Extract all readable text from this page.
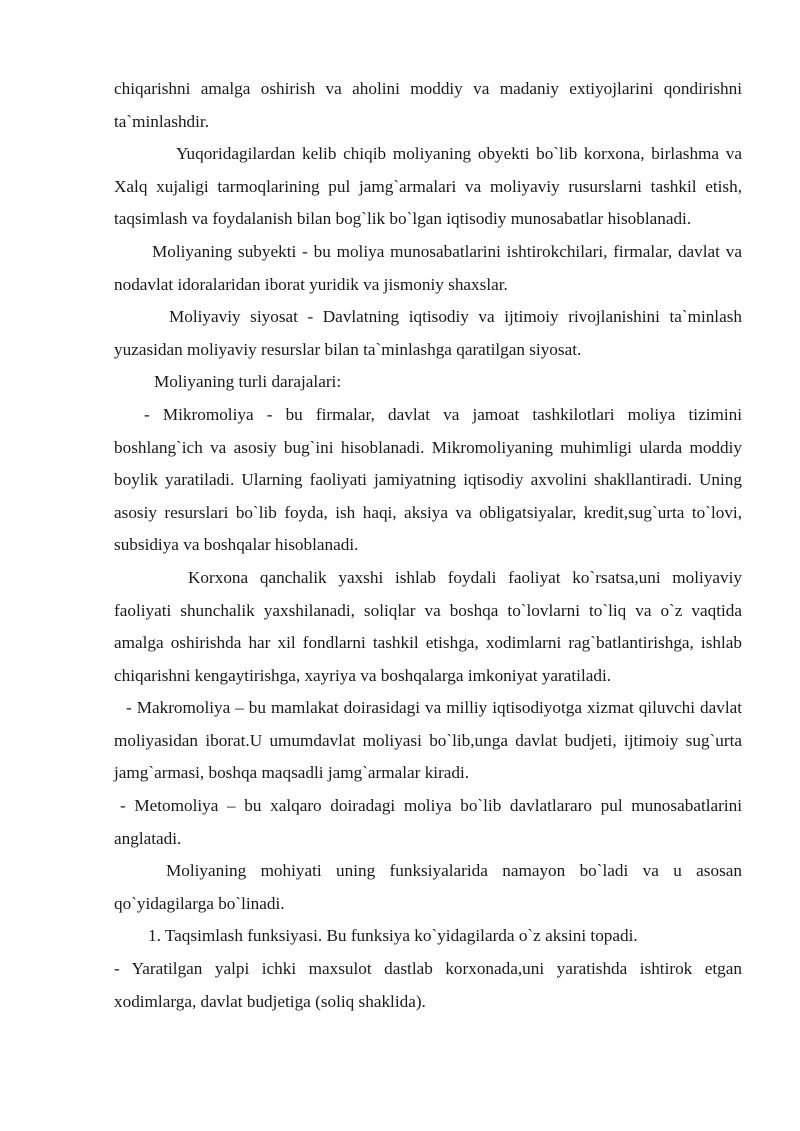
chiqarishni amalga oshirish va aholini moddiy va madaniy extiyojlarini qondirishni ta`minlashdir.

Yuqoridagilardan kelib chiqib moliyaning obyekti bo`lib korxona, birlashma va Xalq xujaligi tarmoqlarining pul jamg`armalari va moliyaviy rusurslarni tashkil etish, taqsimlash va foydalanish bilan bog`lik bo`lgan iqtisodiy munosabatlar hisoblanadi.

Moliyaning subyekti - bu moliya munosabatlarini ishtirokchilari, firmalar, davlat va nodavlat idoralaridan iborat yuridik va jismoniy shaxslar.

Moliyaviy siyosat - Davlatning iqtisodiy va ijtimoiy rivojlanishini ta`minlash yuzasidan moliyaviy resurslar bilan ta`minlashga qaratilgan siyosat.

Moliyaning turli darajalari:

- Mikromoliya - bu firmalar, davlat va jamoat tashkilotlari moliya tizimini boshlang`ich va asosiy bug`ini hisoblanadi. Mikromoliyaning muhimligi ularda moddiy boylik yaratiladi. Ularning faoliyati jamiyatning iqtisodiy axvolini shakllantiradi. Uning asosiy resurslari bo`lib foyda, ish haqi, aksiya va obligatsiyalar, kredit,sug`urta to`lovi, subsidiya va boshqalar hisoblanadi.

Korxona qanchalik yaxshi ishlab foydali faoliyat ko`rsatsa,uni moliyaviy faoliyati shunchalik yaxshilanadi, soliqlar va boshqa to`lovlarni to`liq va o`z vaqtida amalga oshirishda har xil fondlarni tashkil etishga, xodimlarni rag`batlantirishga, ishlab chiqarishni kengaytirishga, xayriya va boshqalarga imkoniyat yaratiladi.

- Makromoliya – bu mamlakat doirasidagi va milliy iqtisodiyotga xizmat qiluvchi davlat moliyasidan iborat.U umumdavlat moliyasi bo`lib,unga davlat budjeti, ijtimoiy sug`urta jamg`armasi, boshqa maqsadli jamg`armalar kiradi.

- Metomoliya – bu xalqaro doiradagi moliya bo`lib davlatlararo pul munosabatlarini anglatadi.

Moliyaning mohiyati uning funksiyalarida namayon bo`ladi va u asosan qo`yidagilarga bo`linadi.

1. Taqsimlash funksiyasi. Bu funksiya ko`yidagilarda o`z aksini topadi.

- Yaratilgan yalpi ichki maxsulot dastlab korxonada,uni yaratishda ishtirok etgan xodimlarga, davlat budjetiga (soliq shaklida).
